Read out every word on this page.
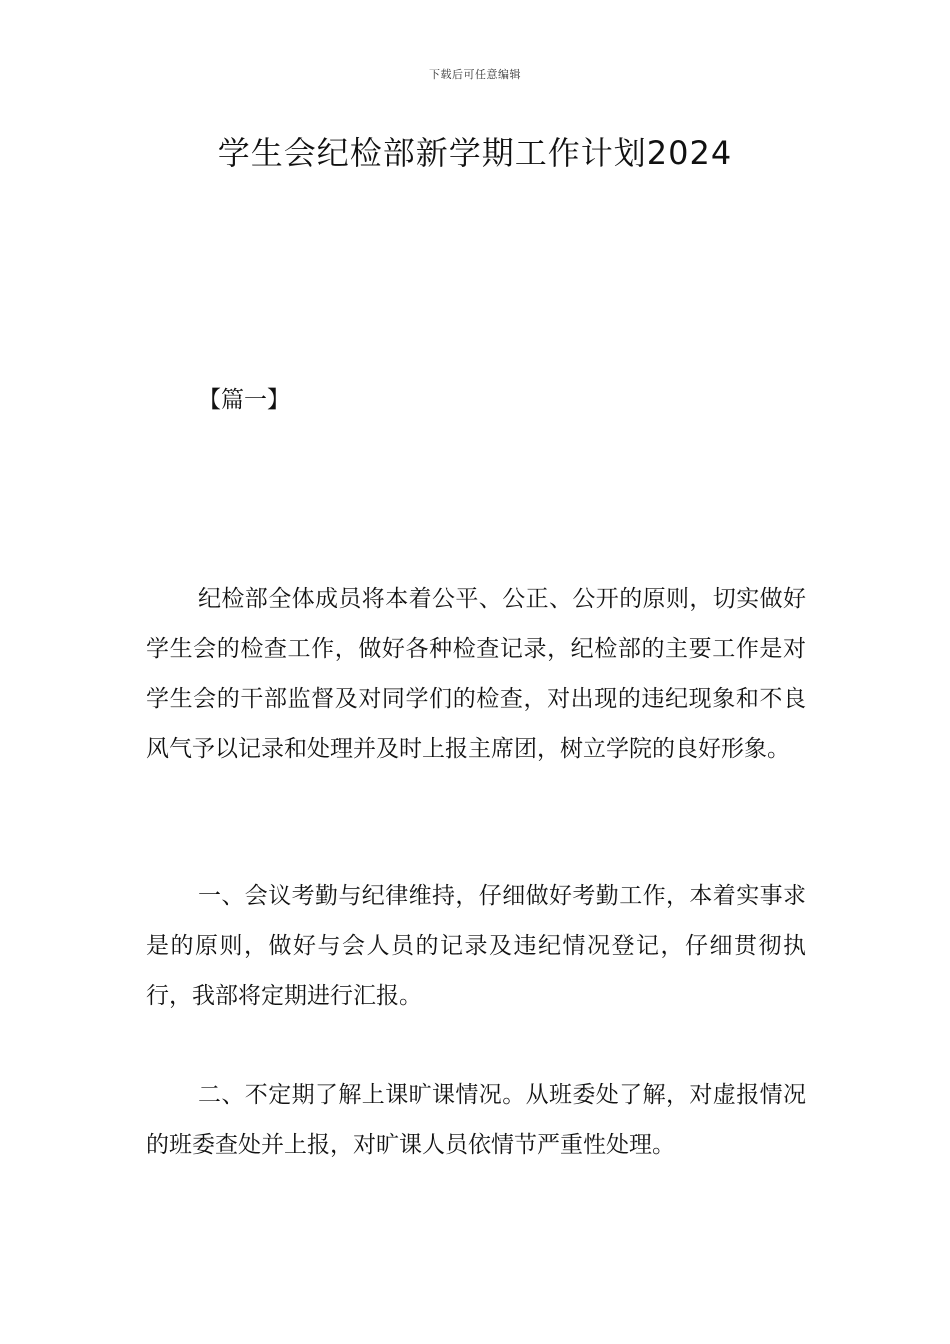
下载后可任意编辑
学生会纪检部新学期工作计划2024

【篇一】

纪检部全体成员将本着公平、公正、公开的原则，切实做好学生会的检查工作，做好各种检查记录，纪检部的主要工作是对学生会的干部监督及对同学们的检查，对出现的违纪现象和不良风气予以记录和处理并及时上报主席团，树立学院的良好形象。

一、会议考勤与纪律维持，仔细做好考勤工作，本着实事求是的原则，做好与会人员的记录及违纪情况登记，仔细贯彻执行，我部将定期进行汇报。

二、不定期了解上课旷课情况。从班委处了解，对虚报情况的班委查处并上报，对旷课人员依情节严重性处理。
